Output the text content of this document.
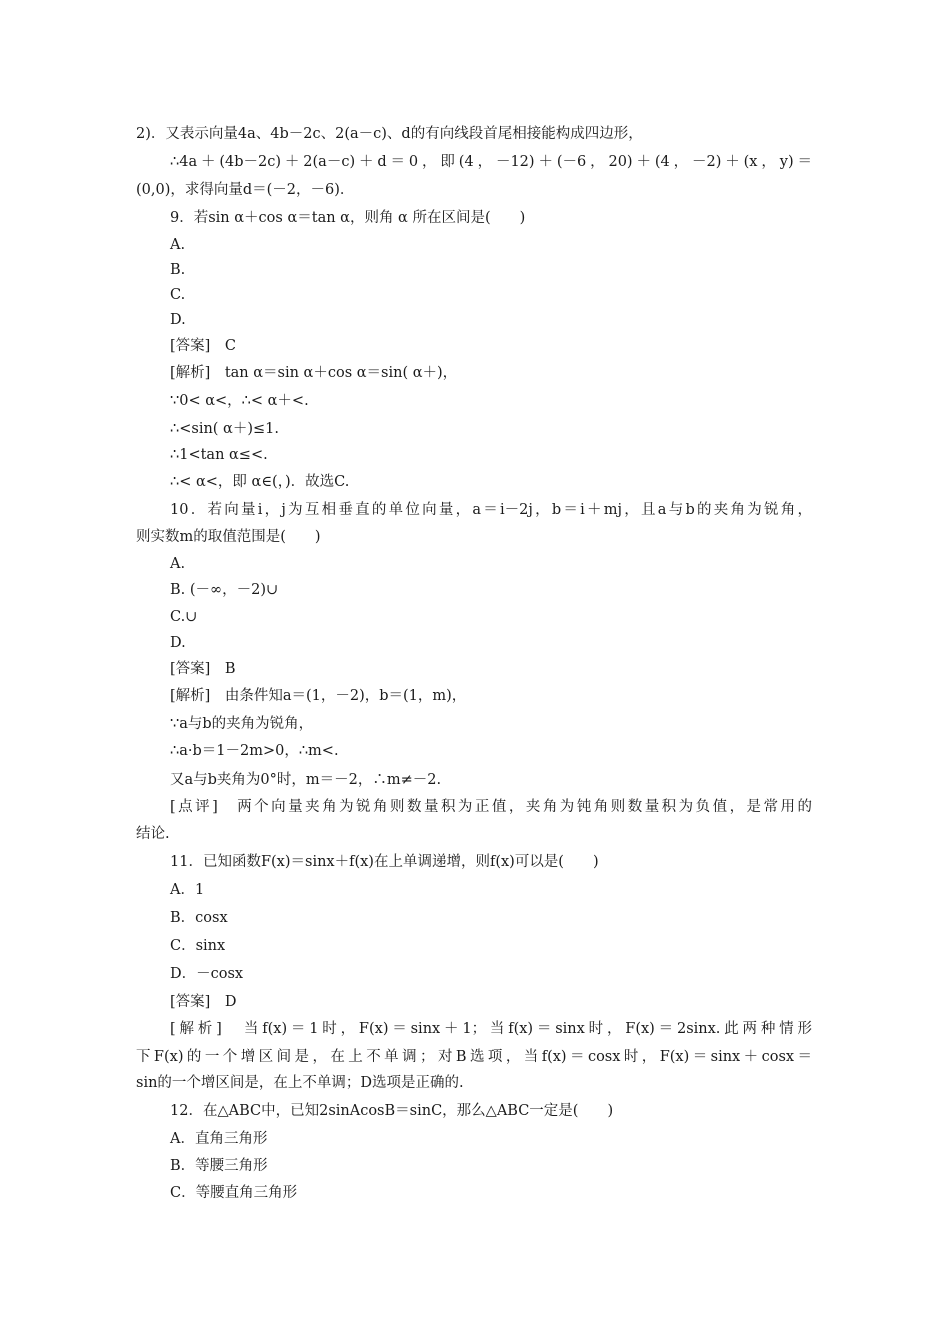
2)．又表示向量4a、4b－2c、2(a－c)、d的有向线段首尾相接能构成四边形，
∴4a＋(4b－2c)＋2(a－c)＋d＝0，即(4，－12)＋(－6，20)＋(4，－2)＋(x，y)＝
(0,0)，求得向量d＝(－2，－6)．
9．若sin α＋cos α＝tan α，则角 α 所在区间是(　　)
A.
B.
C.
D.
[答案]　C
[解析]　tan α＝sin α＋cos α＝sin( α＋)，
∵0< α<，∴< α＋<.
∴<sin( α＋)≤1.
∴1<tan α≤<.
∴< α<，即 α∈(，)．故选C.
10．若向量i，j为互相垂直的单位向量，a＝i－2j，b＝i＋mj，且a与b的夹角为锐角，
则实数m的取值范围是(　　)
A.
B. (－∞，－2)∪
C.∪
D.
[答案]　B
[解析]　由条件知a＝(1，－2)，b＝(1，m)，
∵a与b的夹角为锐角，
∴a·b＝1－2m>0，∴m<.
又a与b夹角为0°时，m＝－2，∴m≠－2.
[点评]　两个向量夹角为锐角则数量积为正值，夹角为钝角则数量积为负值，是常用的
结论.
11．已知函数F(x)＝sinx＋f(x)在上单调递增，则f(x)可以是(　　)
A．1
B．cosx
C．sinx
D．－cosx
[答案]　D
[解析]　当f(x)＝1时，F(x)＝sinx＋1；当f(x)＝sinx时，F(x)＝2sinx.此两种情形
下F(x)的一个增区间是，在上不单调；对B选项，当f(x)＝cosx时，F(x)＝sinx＋cosx＝
sin的一个增区间是，在上不单调；D选项是正确的.
12．在△ABC中，已知2sinAcosB＝sinC，那么△ABC一定是(　　)
A．直角三角形
B．等腰三角形
C．等腰直角三角形
